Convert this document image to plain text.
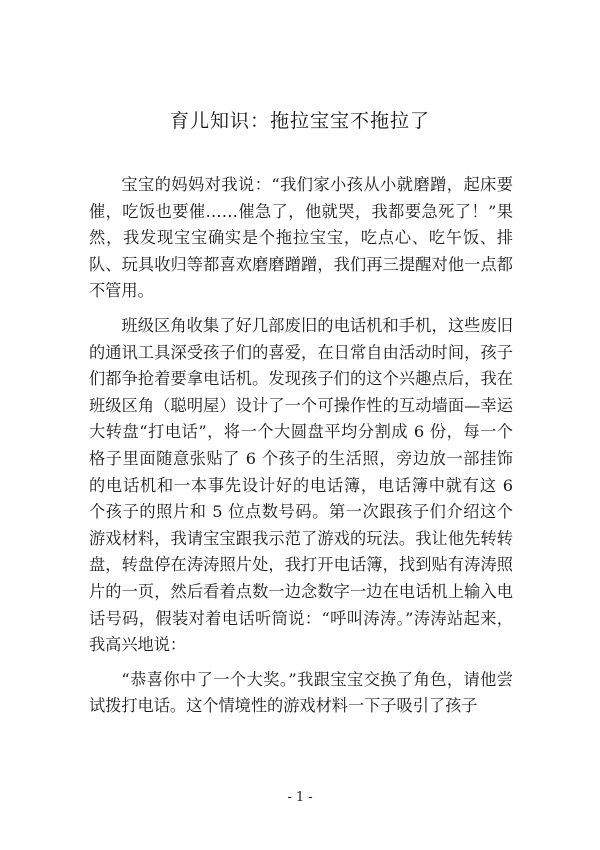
育儿知识：拖拉宝宝不拖拉了

宝宝的妈妈对我说：“我们家小孩从小就磨蹭，起床要催，吃饭也要催……催急了，他就哭，我都要急死了！”果然，我发现宝宝确实是个拖拉宝宝，吃点心、吃午饭、排队、玩具收归等都喜欢磨磨蹭蹭，我们再三提醒对他一点都不管用。

班级区角收集了好几部废旧的电话机和手机，这些废旧的通讯工具深受孩子们的喜爱，在日常自由活动时间，孩子们都争抢着要拿电话机。发现孩子们的这个兴趣点后，我在班级区角（聪明屋）设计了一个可操作性的互动墙面—幸运大转盘“打电话”，将一个大圆盘平均分割成 6 份，每一个格子里面随意张贴了 6 个孩子的生活照，旁边放一部挂饰的电话机和一本事先设计好的电话簿，电话簿中就有这 6 个孩子的照片和 5 位点数号码。第一次跟孩子们介绍这个游戏材料，我请宝宝跟我示范了游戏的玩法。我让他先转转盘，转盘停在涛涛照片处，我打开电话簿，找到贴有涛涛照片的一页，然后看着点数一边念数字一边在电话机上输入电话号码，假装对着电话听筒说：“呼叫涛涛。”涛涛站起来，我高兴地说：

“恭喜你中了一个大奖。”我跟宝宝交换了角色，请他尝试拨打电话。这个情境性的游戏材料一下子吸引了孩子

- 1 -
